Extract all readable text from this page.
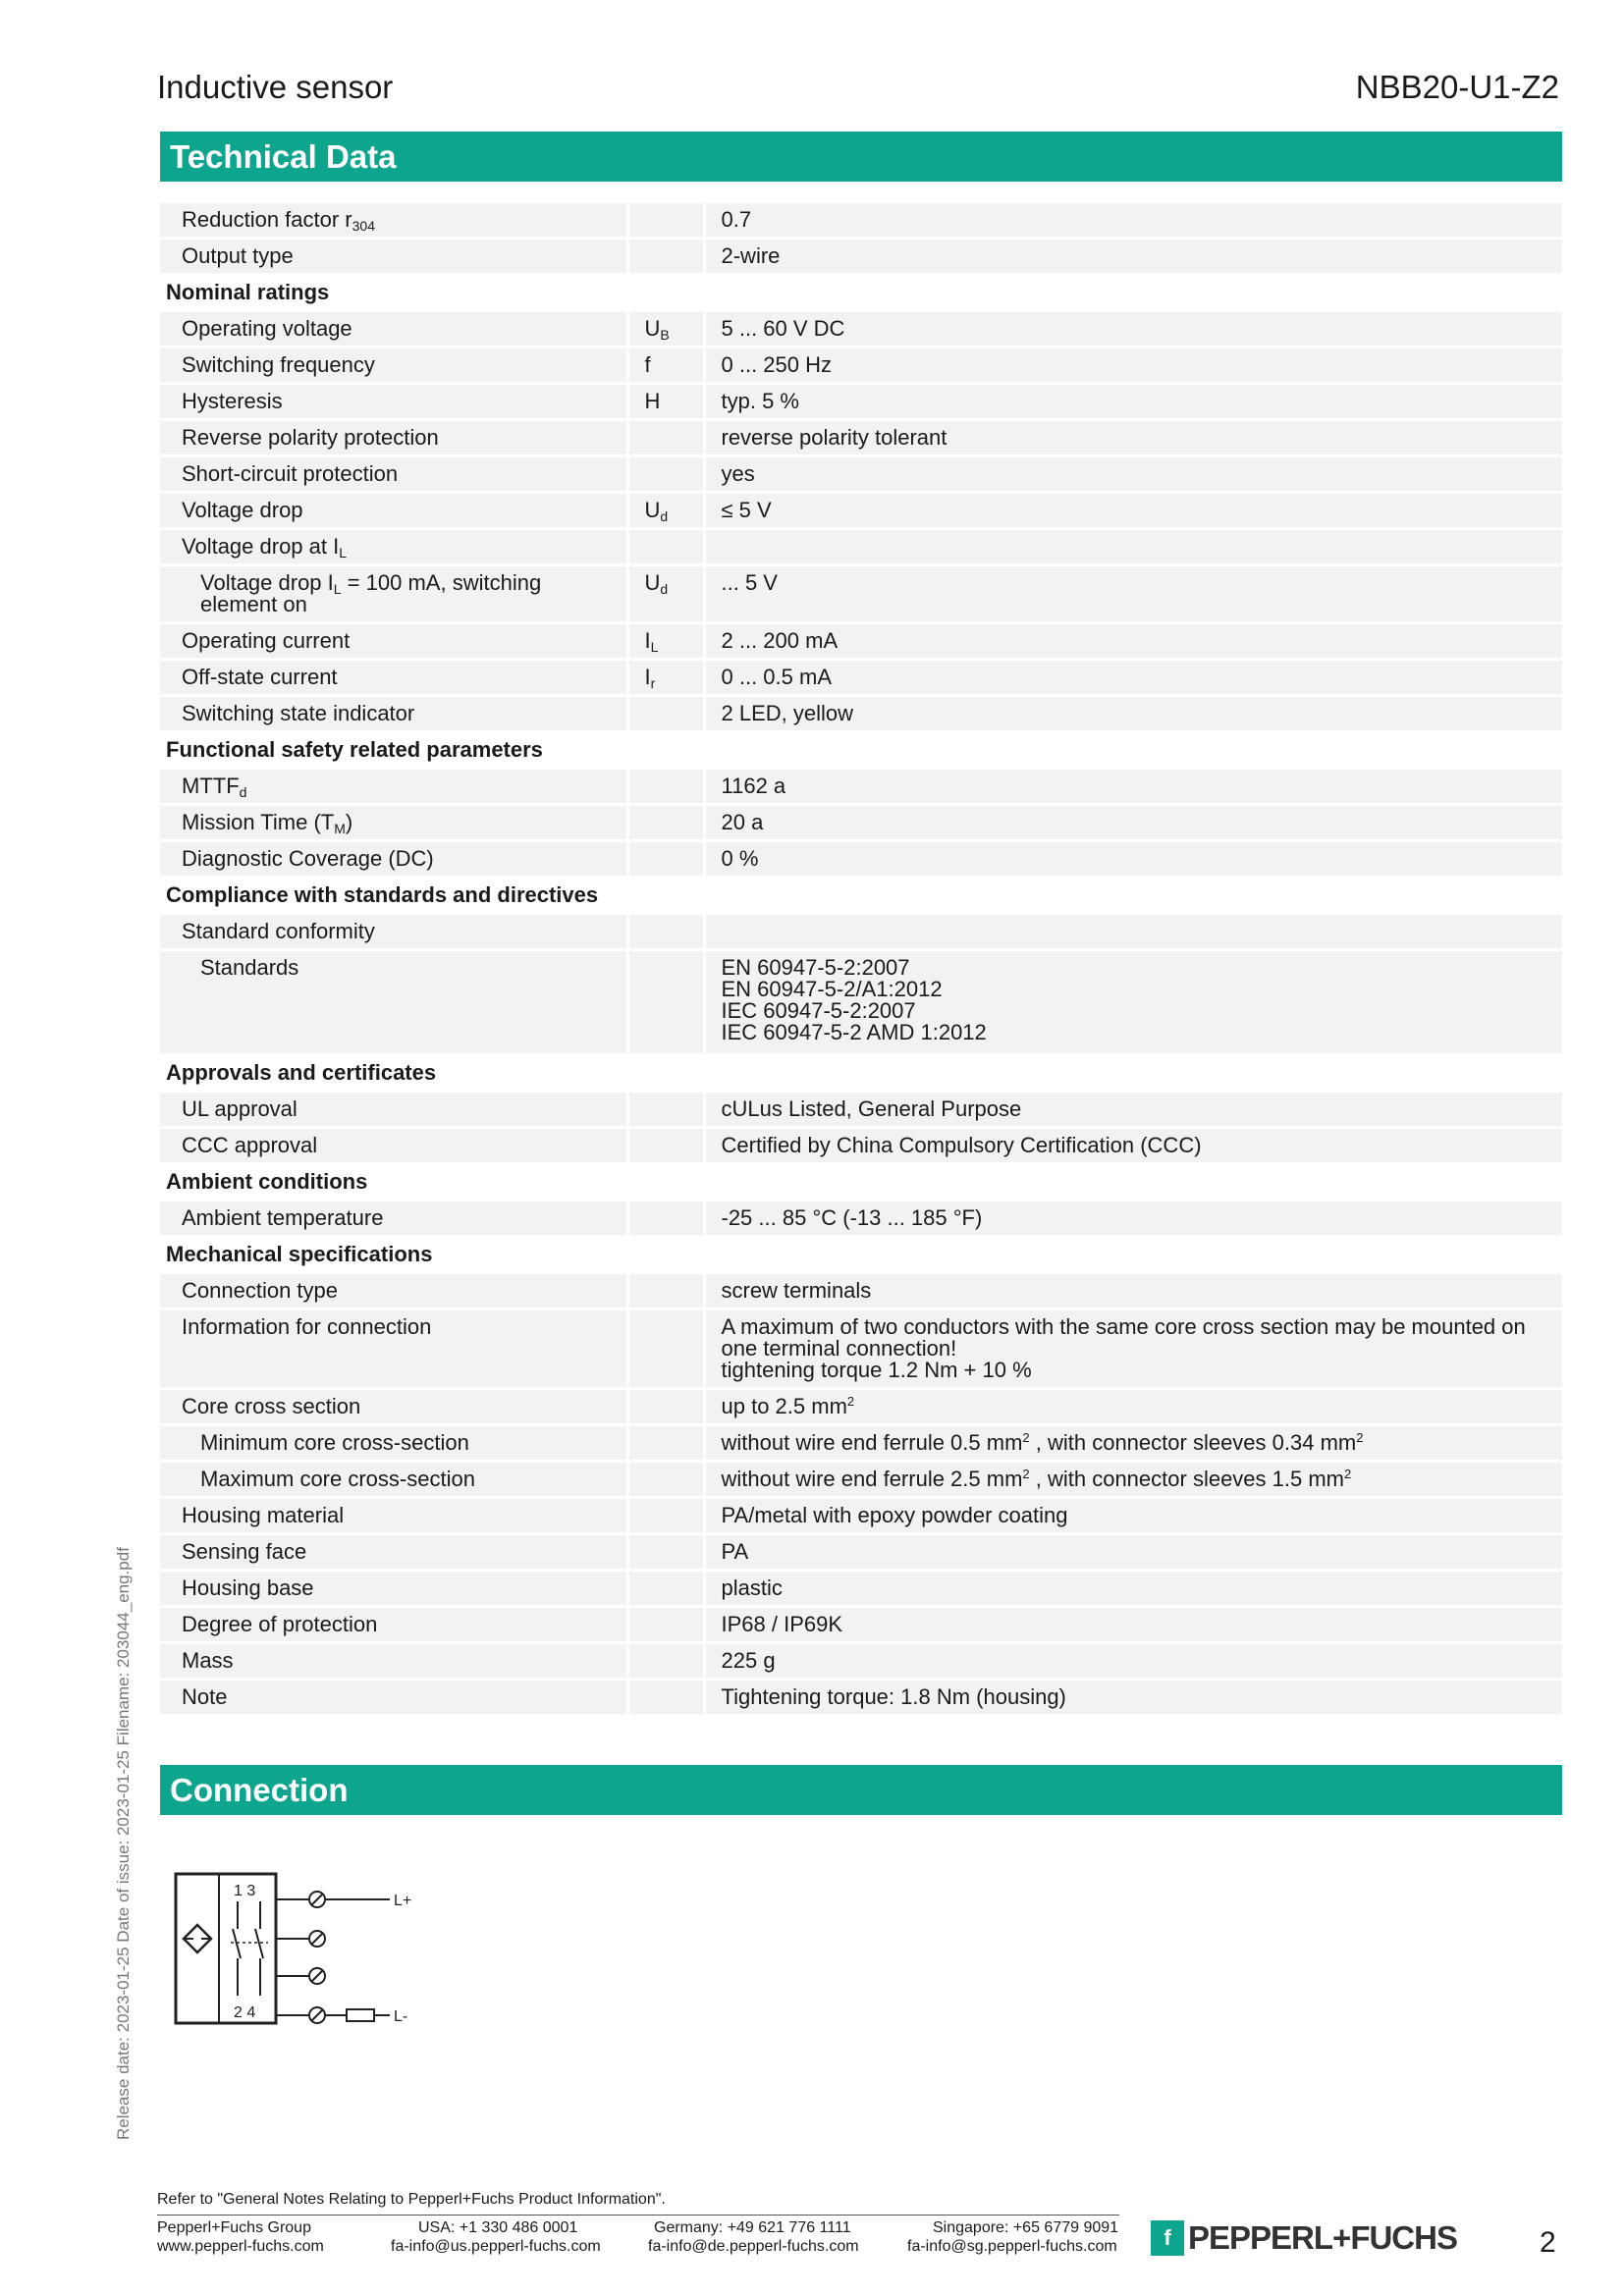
Inductive sensor	NBB20-U1-Z2
Technical Data
Reduction factor $r_{304}$		0.7

Output type		2-wire
Nominal ratings		

Operating voltage	$U_B$	5 ... 60 V DC

Switching frequency	f	0 ... 250 Hz

Hysteresis	H	typ. 5 %

Reverse polarity protection		reverse polarity tolerant

Short-circuit protection		yes

Voltage drop	$U_d$	≤ 5 V

Voltage drop at $I_L$

Voltage drop $I_L = 100$ mA, switching
element on	$U_d$	... 5 V

Operating current	$I_L$	2 ... 200 mA

Off-state current	$I_r$	0 ... 0.5 mA

Switching state indicator		2 LED, yellow
Functional safety related parameters		

$MTTF_d$		1162 a

Mission Time $(T_M)$		20 a

Diagnostic Coverage (DC)		0 %
Compliance with standards and directives		

Standard conformity		

Standards		EN 60947-5-2:2007
EN 60947-5-2/A1:2012
IEC 60947-5-2:2007
IEC 60947-5-2 AMD 1:2012

Approvals and certificates		

UL approval		cULus Listed, General Purpose

CCC approval		Certified by China Compulsory Certification (CCC)
Ambient conditions		

Ambient temperature		-25 ... 85 °C (-13 ... 185 °F)
Mechanical specifications		

Connection type		screw terminals

Information for connection		A maximum of two conductors with the same core cross section may be mounted on
one terminal connection!
tightening torque 1.2 Nm + 10 %

Core cross section		up to 2.5 $mm^2$

Minimum core cross-section		without wire end ferrule 0.5 $mm^2$ , with connector sleeves 0.34 $mm^2$

Maximum core cross-section		without wire end ferrule 2.5 $mm^2$ , with connector sleeves 1.5 $mm^2$

Housing material		PA/metal with epoxy powder coating

Sensing face		PA

Housing base		plastic

Degree of protection		IP68 / IP69K

Mass		225 g

Note		Tightening torque: 1.8 Nm (housing)
Connection
1 3
2 4
L+
L-
Release date: 2023-01-25 Date of issue: 2023-01-25 Filename: 203044_eng.pdf
Refer to "General Notes Relating to Pepperl+Fuchs Product Information".
Pepperl+Fuchs Group
www.pepperl-fuchs.com
USA: +1 330 486 0001
fa-info@us.pepperl-fuchs.com
Germany: +49 621 776 1111
fa-info@de.pepperl-fuchs.com
Singapore: +65 6779 9091
fa-info@sg.pepperl-fuchs.com	f PEPPERL+FUCHS	2
